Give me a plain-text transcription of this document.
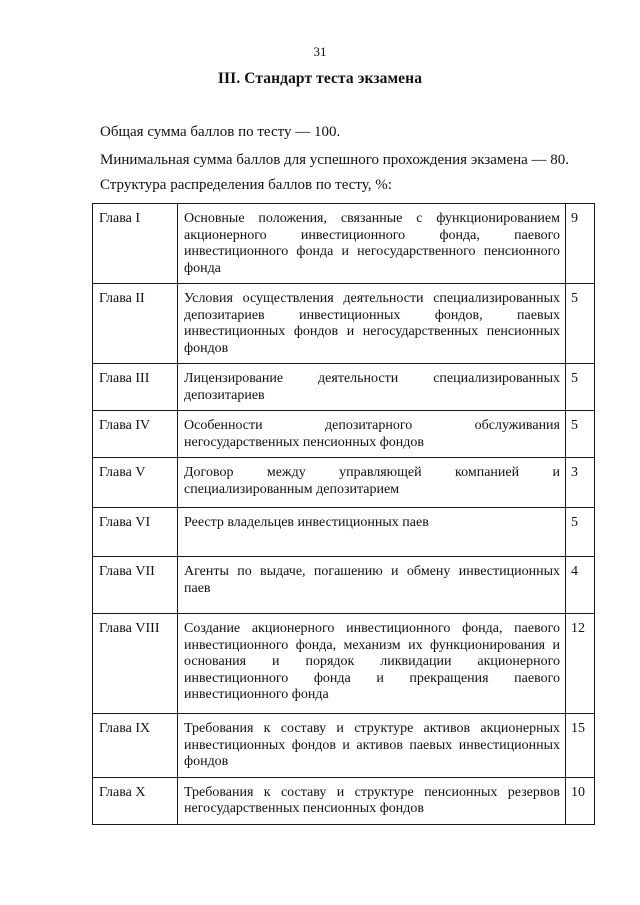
31
III. Стандарт теста экзамена
Общая сумма баллов по тесту — 100.
Минимальная сумма баллов для успешного прохождения экзамена — 80.
Структура распределения баллов по тесту, %:
Глава I	Основные положения, связанные с функционированием акционерного инвестиционного фонда, паевого инвестиционного фонда и негосударственного пенсионного фонда	9
Глава II	Условия осуществления деятельности специализированных депозитариев инвестиционных фондов, паевых инвестиционных фондов и негосударственных пенсионных фондов	5
Глава III	Лицензирование деятельности специализированных депозитариев	5
Глава IV	Особенности депозитарного обслуживания негосударственных пенсионных фондов	5
Глава V	Договор между управляющей компанией и специализированным депозитарием	3
Глава VI	Реестр владельцев инвестиционных паев	5
Глава VII	Агенты по выдаче, погашению и обмену инвестиционных паев	4
Глава VIII	Создание акционерного инвестиционного фонда, паевого инвестиционного фонда, механизм их функционирования и основания и порядок ликвидации акционерного инвестиционного фонда и прекращения паевого инвестиционного фонда	12
Глава IX	Требования к составу и структуре активов акционерных инвестиционных фондов и активов паевых инвестиционных фондов	15
Глава X	Требования к составу и структуре пенсионных резервов негосударственных пенсионных фондов	10
